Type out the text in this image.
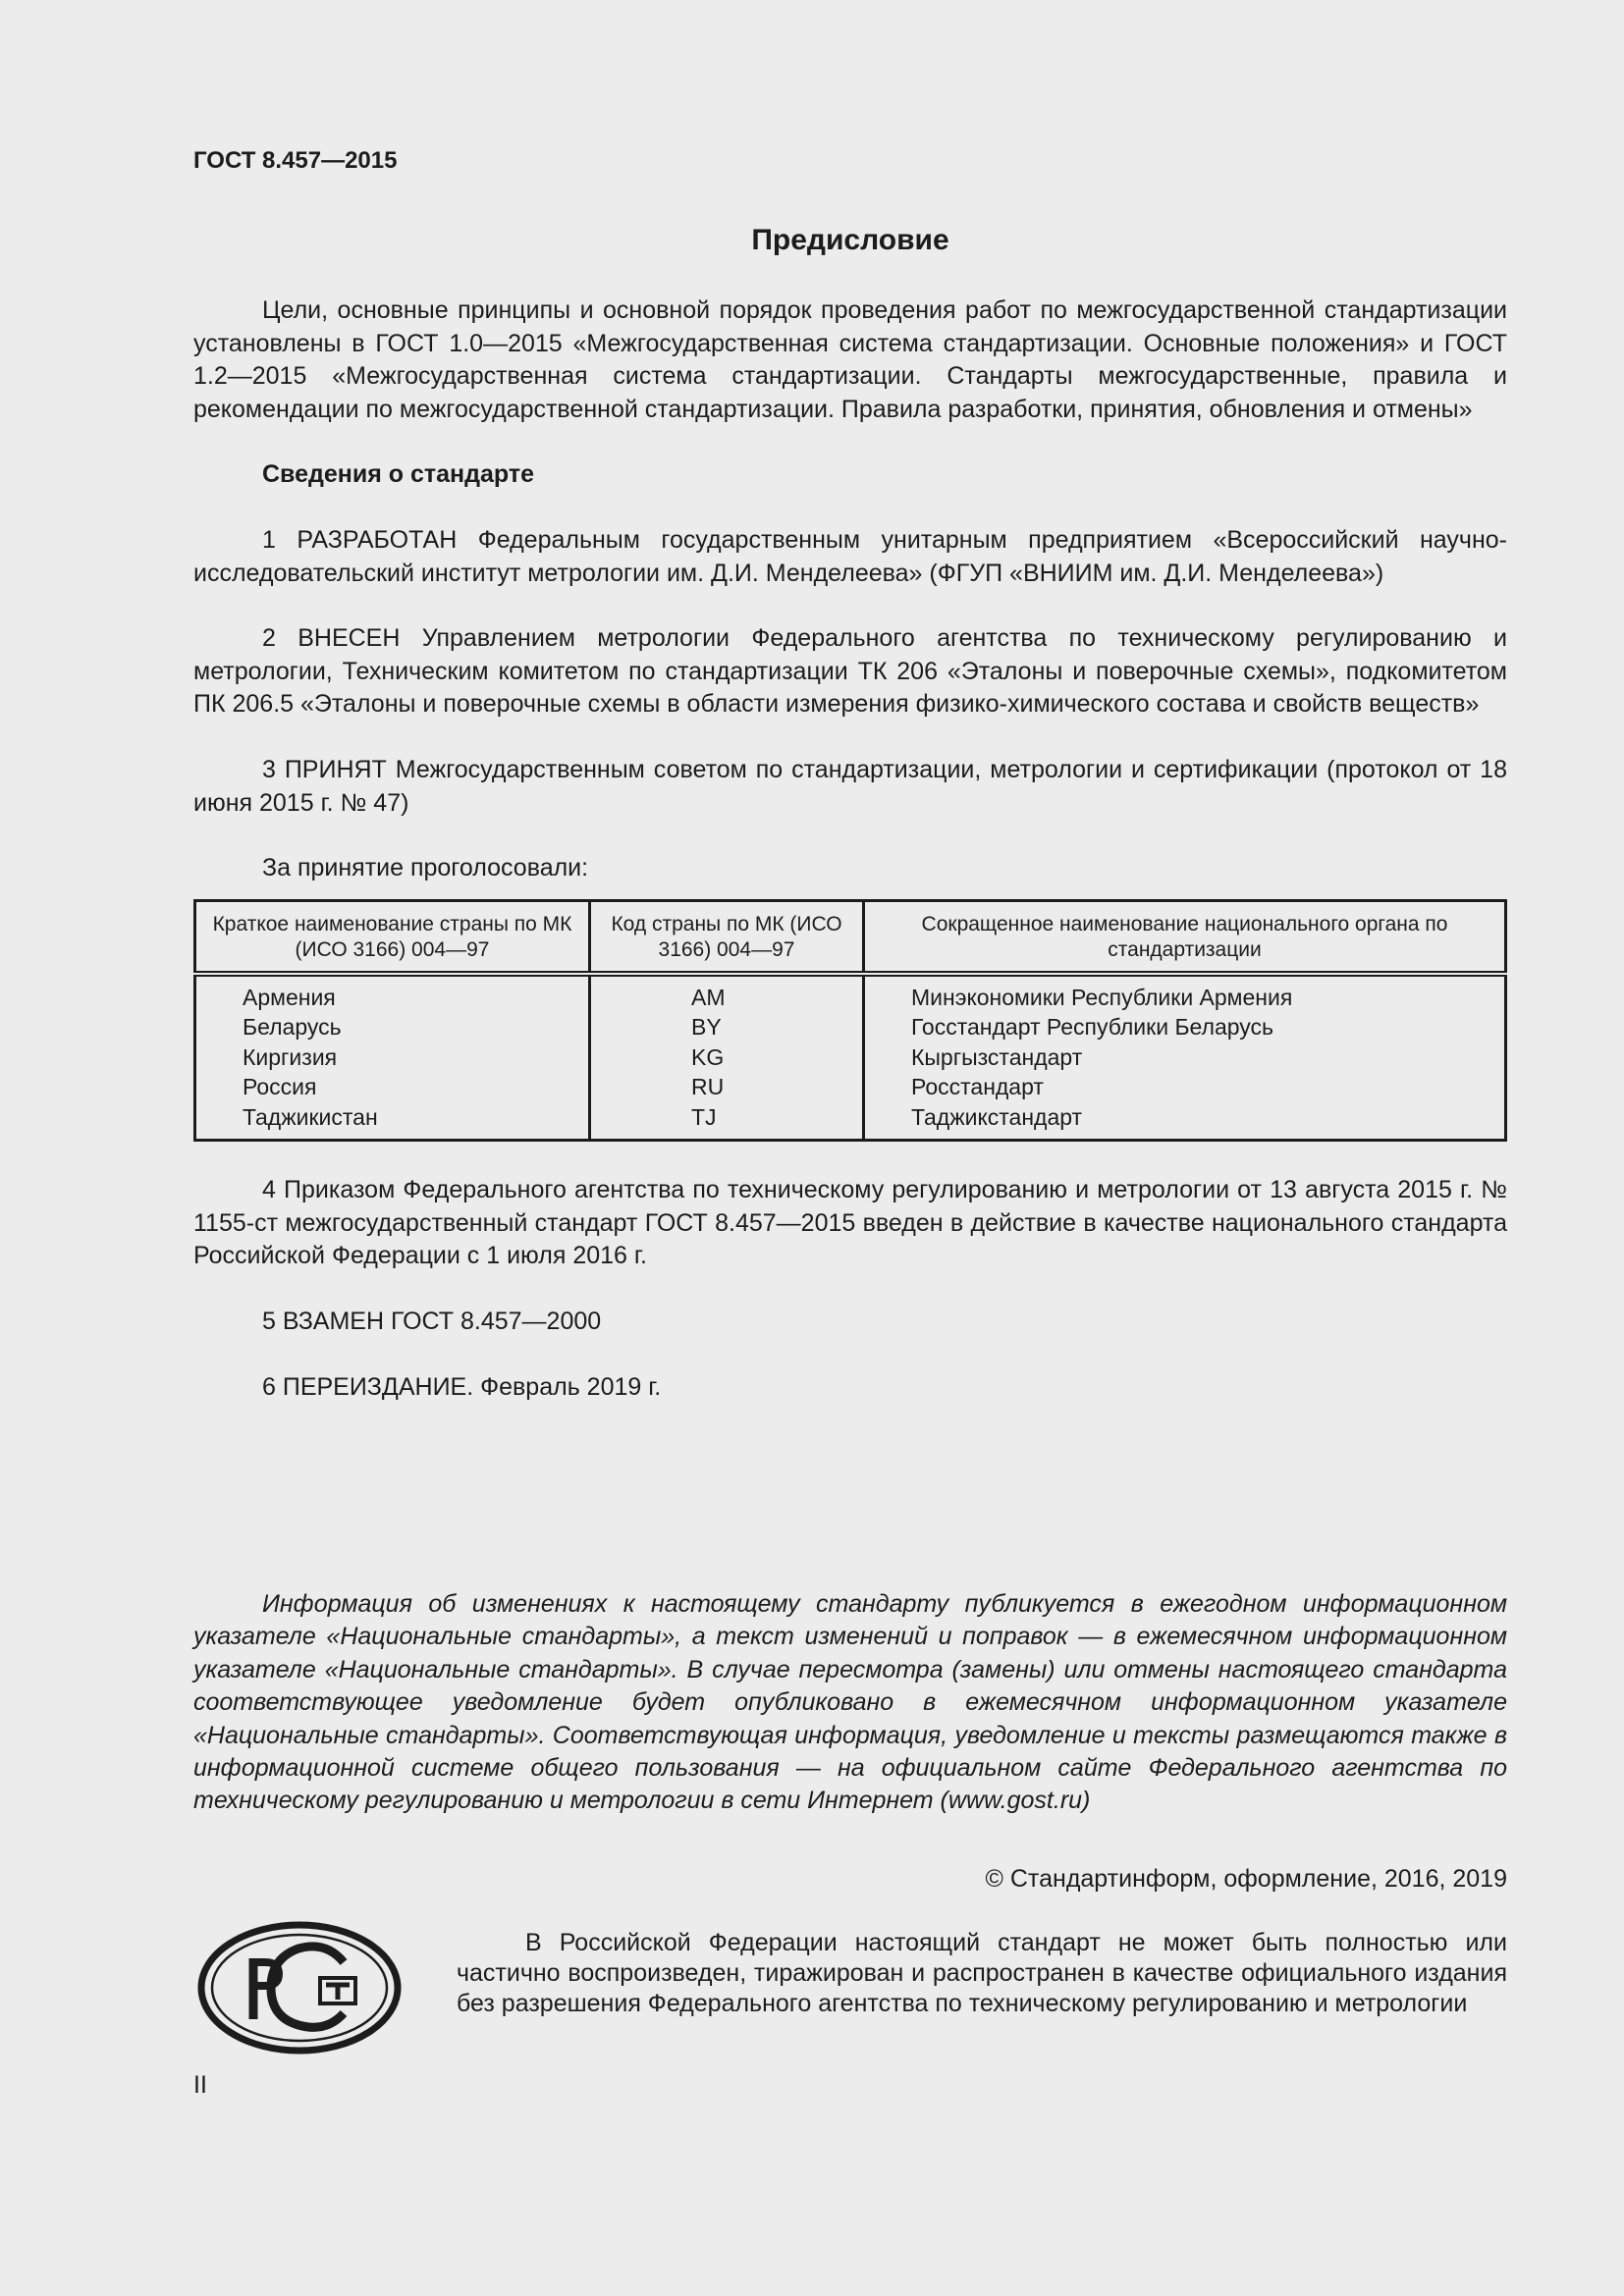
ГОСТ 8.457—2015

Предисловие

Цели, основные принципы и основной порядок проведения работ по межгосударственной стандартизации установлены в ГОСТ 1.0—2015 «Межгосударственная система стандартизации. Основные положения» и ГОСТ 1.2—2015 «Межгосударственная система стандартизации. Стандарты межгосударственные, правила и рекомендации по межгосударственной стандартизации. Правила разработки, принятия, обновления и отмены»

Сведения о стандарте

1 РАЗРАБОТАН Федеральным государственным унитарным предприятием «Всероссийский научно-исследовательский институт метрологии им. Д.И. Менделеева» (ФГУП «ВНИИМ им. Д.И. Менделеева»)

2 ВНЕСЕН Управлением метрологии Федерального агентства по техническому регулированию и метрологии, Техническим комитетом по стандартизации ТК 206 «Эталоны и поверочные схемы», подкомитетом ПК 206.5 «Эталоны и поверочные схемы в области измерения физико-химического состава и свойств веществ»

3 ПРИНЯТ Межгосударственным советом по стандартизации, метрологии и сертификации (протокол от 18 июня 2015 г. № 47)

За принятие проголосовали:

Краткое наименование страны по МК (ИСО 3166) 004—97	Код страны по МК (ИСО 3166) 004—97	Сокращенное наименование национального органа по стандартизации
Армения	AM	Минэкономики Республики Армения
Беларусь	BY	Госстандарт Республики Беларусь
Киргизия	KG	Кыргызстандарт
Россия	RU	Росстандарт
Таджикистан	TJ	Таджикстандарт

4 Приказом Федерального агентства по техническому регулированию и метрологии от 13 августа 2015 г. № 1155-ст межгосударственный стандарт ГОСТ 8.457—2015 введен в действие в качестве национального стандарта Российской Федерации с 1 июля 2016 г.

5 ВЗАМЕН ГОСТ 8.457—2000

6 ПЕРЕИЗДАНИЕ. Февраль 2019 г.

Информация об изменениях к настоящему стандарту публикуется в ежегодном информационном указателе «Национальные стандарты», а текст изменений и поправок — в ежемесячном информационном указателе «Национальные стандарты». В случае пересмотра (замены) или отмены настоящего стандарта соответствующее уведомление будет опубликовано в ежемесячном информационном указателе «Национальные стандарты». Соответствующая информация, уведомление и тексты размещаются также в информационной системе общего пользования — на официальном сайте Федерального агентства по техническому регулированию и метрологии в сети Интернет (www.gost.ru)

© Стандартинформ, оформление, 2016, 2019

В Российской Федерации настоящий стандарт не может быть полностью или частично воспроизведен, тиражирован и распространен в качестве официального издания без разрешения Федерального агентства по техническому регулированию и метрологии

II
